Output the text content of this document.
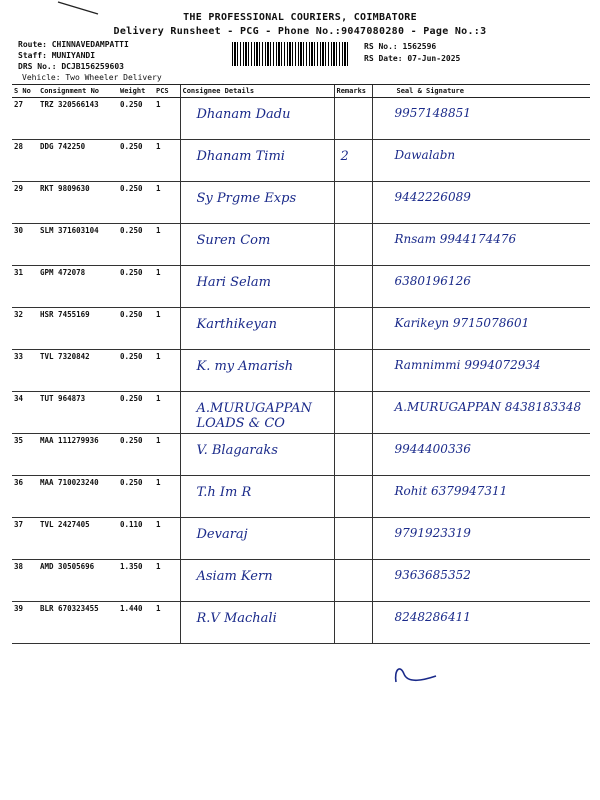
THE PROFESSIONAL COURIERS, COIMBATORE
Delivery Runsheet - PCG - Phone No.:9047080280 - Page No.:3
Route: CHINNAVEDAMPATTI
Staff: MUNIYANDI
DRS No.: DCJB156259603
Vehicle: Two Wheeler Delivery
RS No.: 1562596
RS Date: 07-Jun-2025
S No	Consignment No	Weight	PCS	Consignee Details	Remarks	Seal & Signature
27	TRZ 320566143	0.250	1	Dhanam Dadu		9957148851
28	DDG 742250	0.250	1	Dhanam Timi	2	Dawalabn
29	RKT 9809630	0.250	1	Sy Prgme Exps		9442226089
30	SLM 371603104	0.250	1	Suren Com		Rnsam 9944174476
31	GPM 472078	0.250	1	Hari Selam		6380196126
32	HSR 7455169	0.250	1	Karthikeyan		Karikeyn 9715078601
33	TVL 7320842	0.250	1	K. my Amarish		Ramnimmi 9994072934
34	TUT 964873	0.250	1	A.MURUGAPPAN LOADS & CO		A.MURUGAPPAN 8438183348
35	MAA 111279936	0.250	1	V. Blagaraks		9944400336
36	MAA 710023240	0.250	1	T.h Im R		Rohit 6379947311
37	TVL 2427405	0.110	1	Devaraj		9791923319
38	AMD 30505696	1.350	1	Asiam Kern		9363685352
39	BLR 670323455	1.440	1	R.V Machali		8248286411
